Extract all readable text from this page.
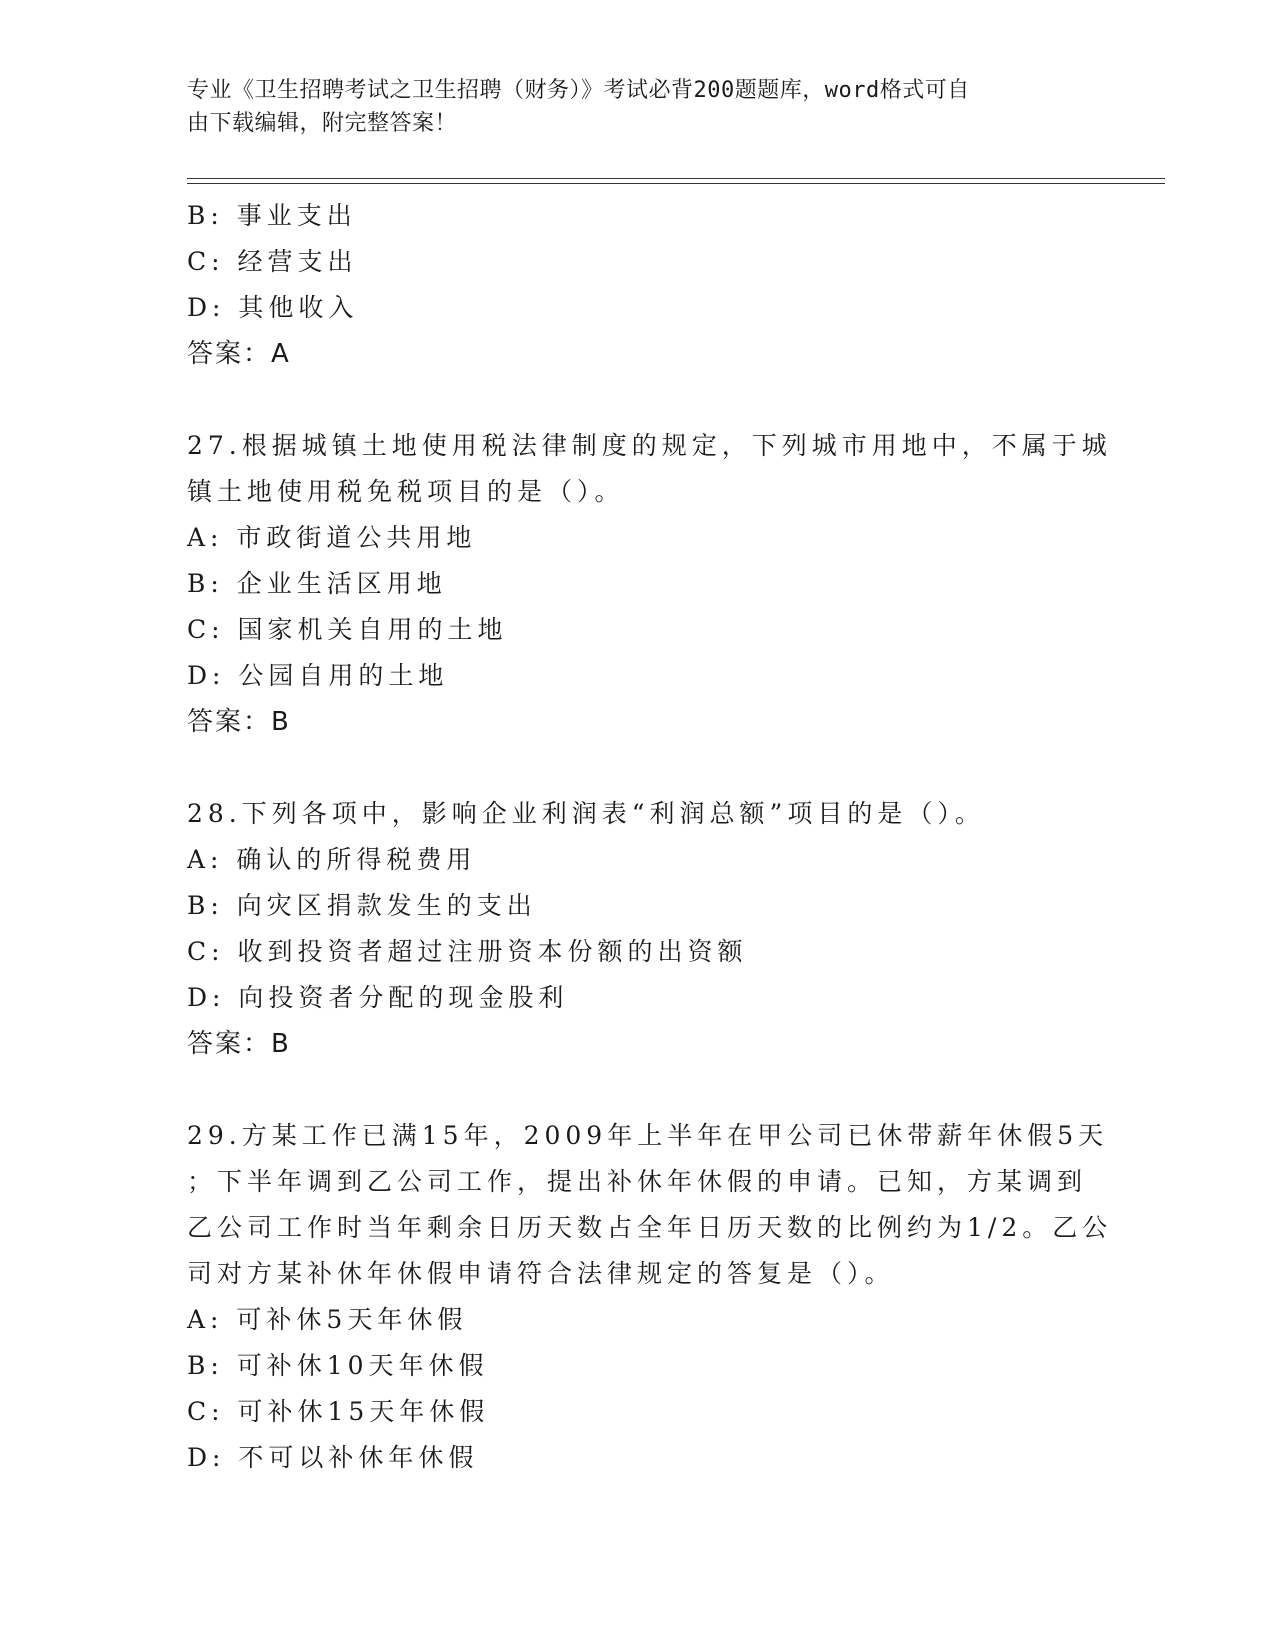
专业《卫生招聘考试之卫生招聘（财务）》考试必背200题题库，word格式可自
由下载编辑，附完整答案！
B: 事业支出
C: 经营支出
D: 其他收入
答案：A
27.根据城镇土地使用税法律制度的规定，下列城市用地中，不属于城
镇土地使用税免税项目的是（）。
A: 市政街道公共用地
B: 企业生活区用地
C: 国家机关自用的土地
D: 公园自用的土地
答案：B
28.下列各项中，影响企业利润表“利润总额”项目的是（）。
A: 确认的所得税费用
B: 向灾区捐款发生的支出
C: 收到投资者超过注册资本份额的出资额
D: 向投资者分配的现金股利
答案：B
29.方某工作已满15年，2009年上半年在甲公司已休带薪年休假5天
；下半年调到乙公司工作，提出补休年休假的申请。已知，方某调到
乙公司工作时当年剩余日历天数占全年日历天数的比例约为1/2。乙公
司对方某补休年休假申请符合法律规定的答复是（）。
A: 可补休5天年休假
B: 可补休10天年休假
C: 可补休15天年休假
D: 不可以补休年休假
